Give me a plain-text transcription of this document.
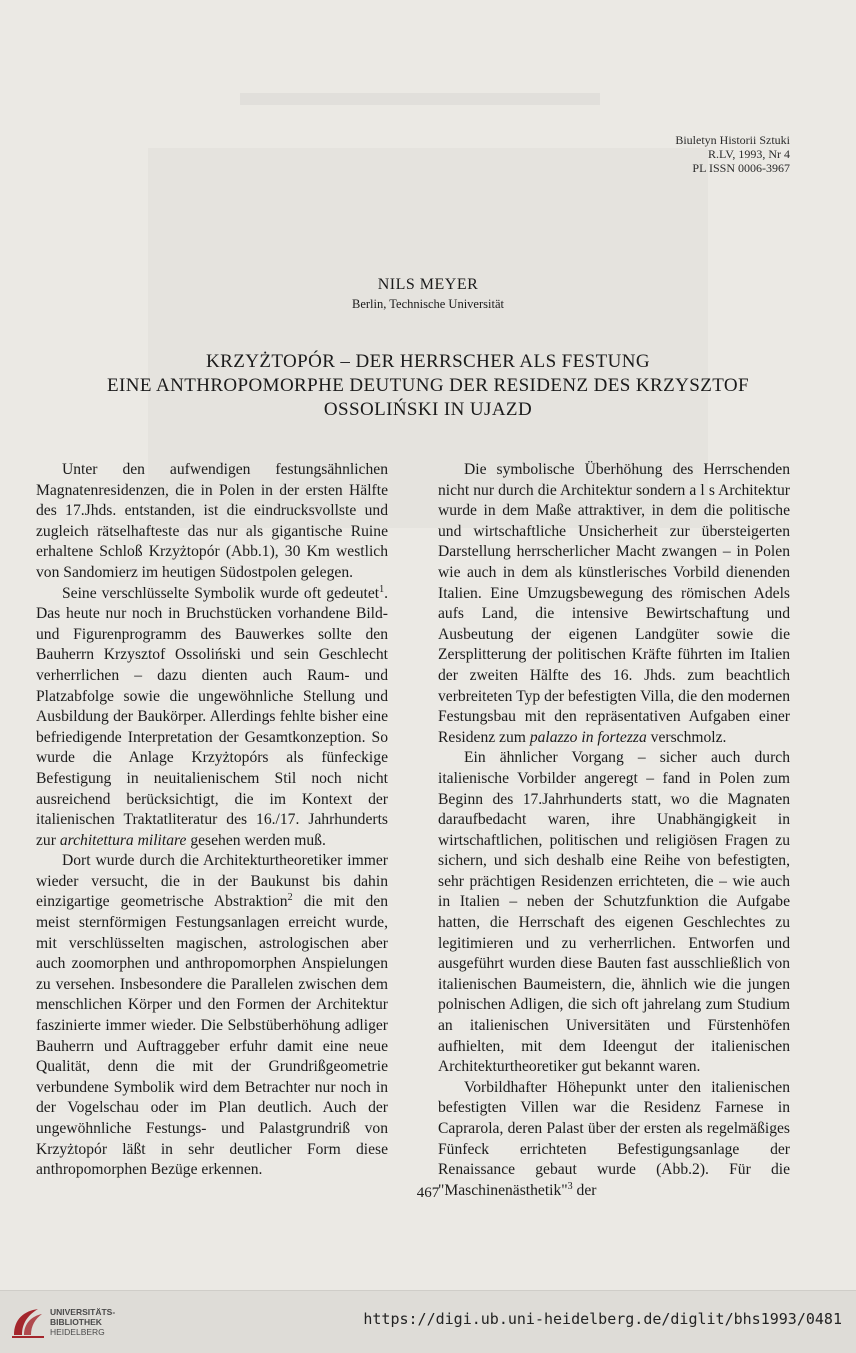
Biuletyn Historii Sztuki
R.LV, 1993, Nr 4
PL ISSN 0006-3967
NILS MEYER
Berlin, Technische Universität
KRZYŻTOPÓR – DER HERRSCHER ALS FESTUNG
EINE ANTHROPOMORPHE DEUTUNG DER RESIDENZ DES KRZYSZTOF
OSSOLIŃSKI IN UJAZD

Unter den aufwendigen festungsähnlichen Magnatenresidenzen, die in Polen in der ersten Hälfte des 17.Jhds. entstanden, ist die eindrucksvollste und zugleich rätselhafteste das nur als gigantische Ruine erhaltene Schloß Krzyżtopór (Abb.1), 30 Km westlich von Sandomierz im heutigen Südostpolen gelegen.

Seine verschlüsselte Symbolik wurde oft gedeutet$^1$. Das heute nur noch in Bruchstücken vorhandene Bild- und Figurenprogramm des Bauwerkes sollte den Bauherrn Krzysztof Ossoliński und sein Geschlecht verherrlichen – dazu dienten auch Raum- und Platzabfolge sowie die ungewöhnliche Stellung und Ausbildung der Baukörper. Allerdings fehlte bisher eine befriedigende Interpretation der Gesamtkonzeption. So wurde die Anlage Krzyżtopórs als fünfeckige Befestigung in neuitalienischem Stil noch nicht ausreichend berücksichtigt, die im Kontext der italienischen Traktatliteratur des 16./17. Jahrhunderts zur architettura militare gesehen werden muß.

Dort wurde durch die Architekturtheoretiker immer wieder versucht, die in der Baukunst bis dahin einzigartige geometrische Abstraktion$^2$ die mit den meist sternförmigen Festungsanlagen erreicht wurde, mit verschlüsselten magischen, astrologischen aber auch zoomorphen und anthropomorphen Anspielungen zu versehen. Insbesondere die Parallelen zwischen dem menschlichen Körper und den Formen der Architektur faszinierte immer wieder. Die Selbstüberhöhung adliger Bauherrn und Auftraggeber erfuhr damit eine neue Qualität, denn die mit der Grundrißgeometrie verbundene Symbolik wird dem Betrachter nur noch in der Vogelschau oder im Plan deutlich. Auch der ungewöhnliche Festungs- und Palastgrundriß von Krzyżtopór läßt in sehr deutlicher Form diese anthropomorphen Bezüge erkennen.

Die symbolische Überhöhung des Herrschenden nicht nur durch die Architektur sondern a l s Architektur wurde in dem Maße attraktiver, in dem die politische und wirtschaftliche Unsicherheit zur übersteigerten Darstellung herrscherlicher Macht zwangen – in Polen wie auch in dem als künstlerisches Vorbild dienenden Italien. Eine Umzugsbewegung des römischen Adels aufs Land, die intensive Bewirtschaftung und Ausbeutung der eigenen Landgüter sowie die Zersplitterung der politischen Kräfte führten im Italien der zweiten Hälfte des 16. Jhds. zum beachtlich verbreiteten Typ der befestigten Villa, die den modernen Festungsbau mit den repräsentativen Aufgaben einer Residenz zum palazzo in fortezza verschmolz.

Ein ähnlicher Vorgang – sicher auch durch italienische Vorbilder angeregt – fand in Polen zum Beginn des 17.Jahrhunderts statt, wo die Magnaten daraufbedacht waren, ihre Unabhängigkeit in wirtschaftlichen, politischen und religiösen Fragen zu sichern, und sich deshalb eine Reihe von befestigten, sehr prächtigen Residenzen errichteten, die – wie auch in Italien – neben der Schutzfunktion die Aufgabe hatten, die Herrschaft des eigenen Geschlechtes zu legitimieren und zu verherrlichen. Entworfen und ausgeführt wurden diese Bauten fast ausschließlich von italienischen Baumeistern, die, ähnlich wie die jungen polnischen Adligen, die sich oft jahrelang zum Studium an italienischen Universitäten und Fürstenhöfen aufhielten, mit dem Ideengut der italienischen Architekturtheoretiker gut bekannt waren.

Vorbildhafter Höhepunkt unter den italienischen befestigten Villen war die Residenz Farnese in Caprarola, deren Palast über der ersten als regelmäßiges Fünfeck errichteten Befestigungsanlage der Renaissance gebaut wurde (Abb.2). Für die "Maschinenästhetik"$^3$ der

467
UNIVERSITÄTS-
BIBLIOTHEK
HEIDELBERG
https://digi.ub.uni-heidelberg.de/diglit/bhs1993/0481
